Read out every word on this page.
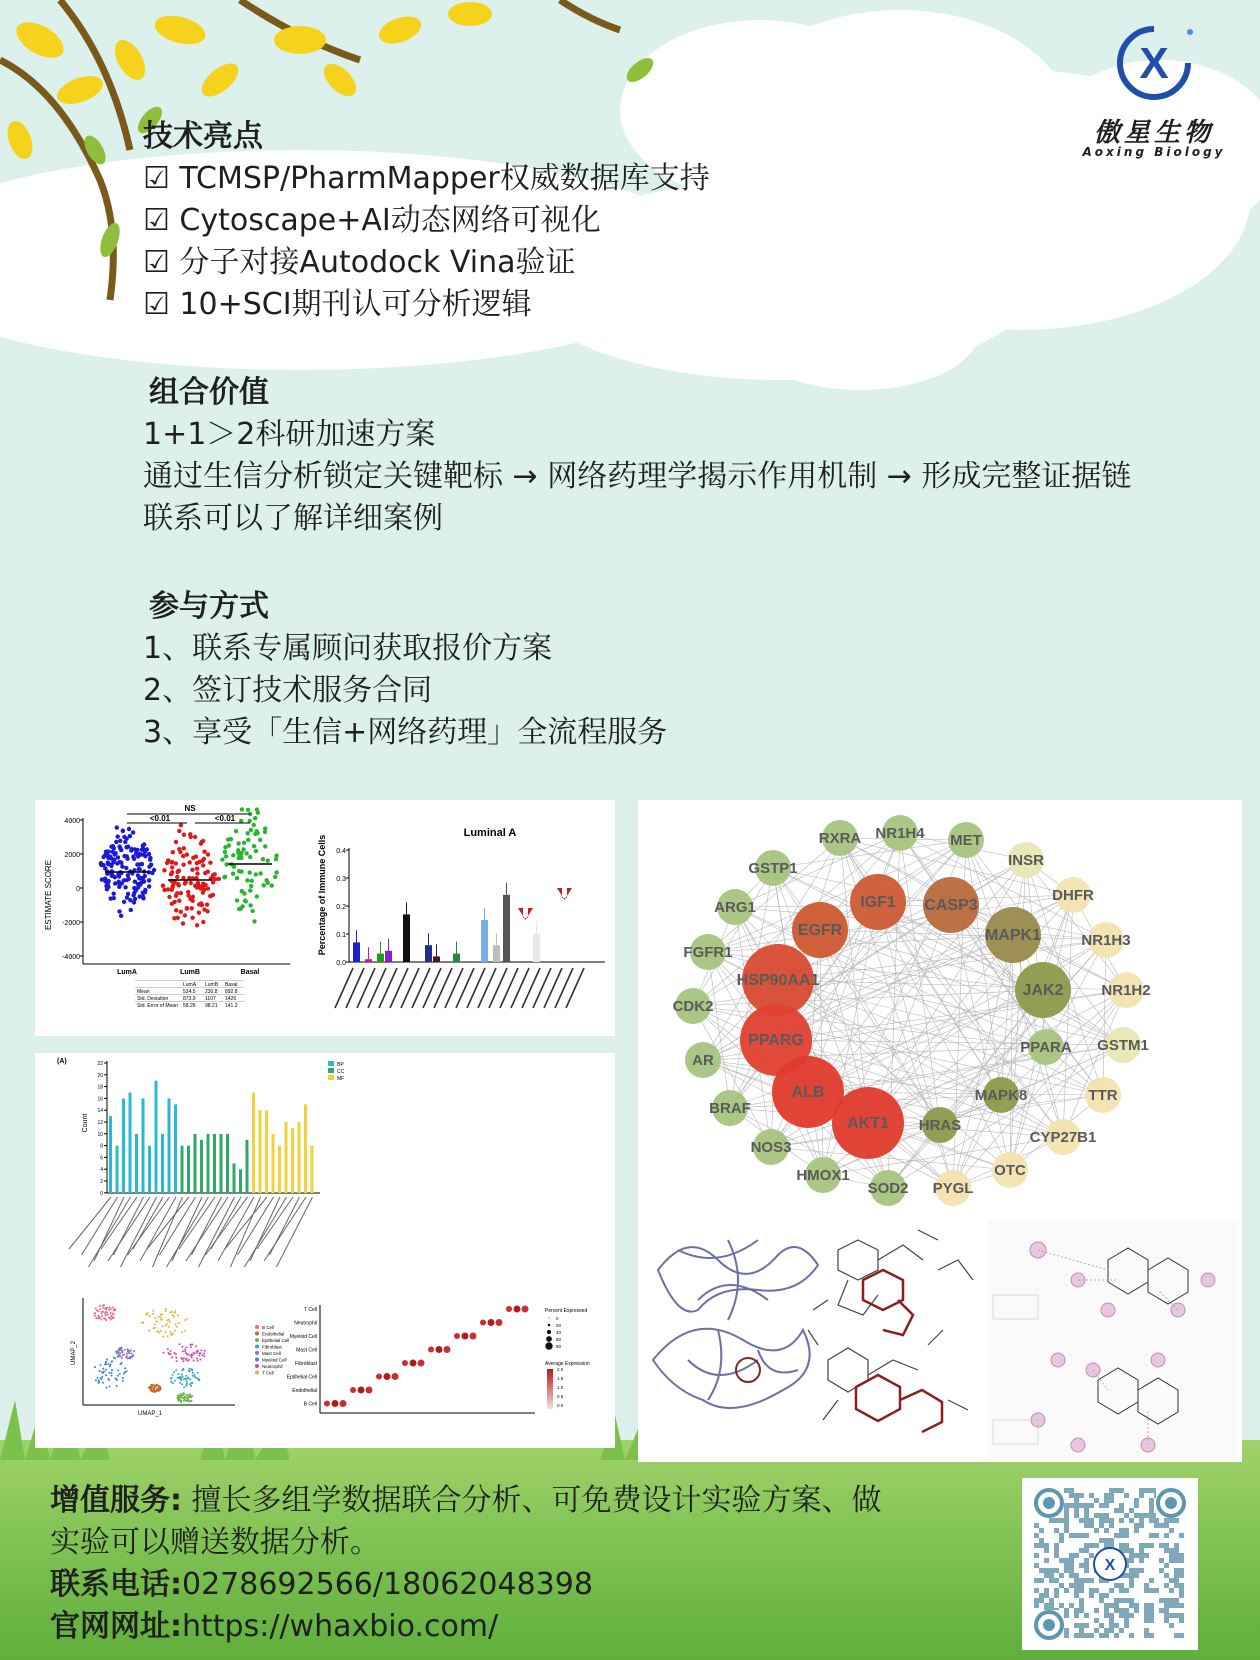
X
傲星生物
Aoxing Biology

技术亮点

☑ TCMSP/PharmMapper权威数据库支持

☑ Cytoscape+AI动态网络可视化

☑ 分子对接Autodock Vina验证

☑ 10+SCI期刊认可分析逻辑

组合价值

1+1＞2科研加速方案

通过生信分析锁定关键靶标 → 网络药理学揭示作用机制 → 形成完整证据链

联系可以了解详细案例

参与方式

1、联系专属顾问获取报价方案

2、签订技术服务合同

3、享受「生信+网络药理」全流程服务

ESTIMATE SCORE
4000
2000
0
-2000
-4000
LumA	LumB	Basal
NS
<0.01	<0.01
LumA LumB Basal
Mean	524.5 230.8 892.8
Std. Deviation	873.9 1107 1426
Std. Error of Mean 58.26 98.21 141.2
Luminal A
Percentage of Immune Cells 0.4
0.3
0.2
0.1
0.0
(A)
Count
22
20
18
16
14
12
10
8
6
4
2
0
BP
CC
MF
UMAP_2
UMAP_1
B Cell
Endothelial
Epithelial Cell
Fibroblast
Mast Cell
Myeloid Cell
Neutrophil
T Cell
T Cell
Neutrophil
Myeloid Cell
Mast Cell
Fibroblast
Epithelial Cell
Endothelial
B Cell
Percent Expressed
0
20
40
60
80
Average Expression
2.0
1.5
1.0
0.5
0.0
RXRA NR1H4 MET
INSR
GSTP1
DHFR
ARG1	IGF1 CASP3
EGFR	MAPK1	NR1H3
FGFR1
HSP90AA1
JAK2	NR1H2
CDK2
PPARG	PPARA GSTM1
AR
ALB	MAPK8	TTR
BRAF
AKT1 HRAS
CYP27B1
NOS3
HMOX1	OTC
SOD2 PYGL

增值服务: 擅长多组学数据联合分析、可免费设计实验方案、做

实验可以赠送数据分析。

联系电话:0278692566/18062048398

官网网址:https://whaxbio.com/

X
